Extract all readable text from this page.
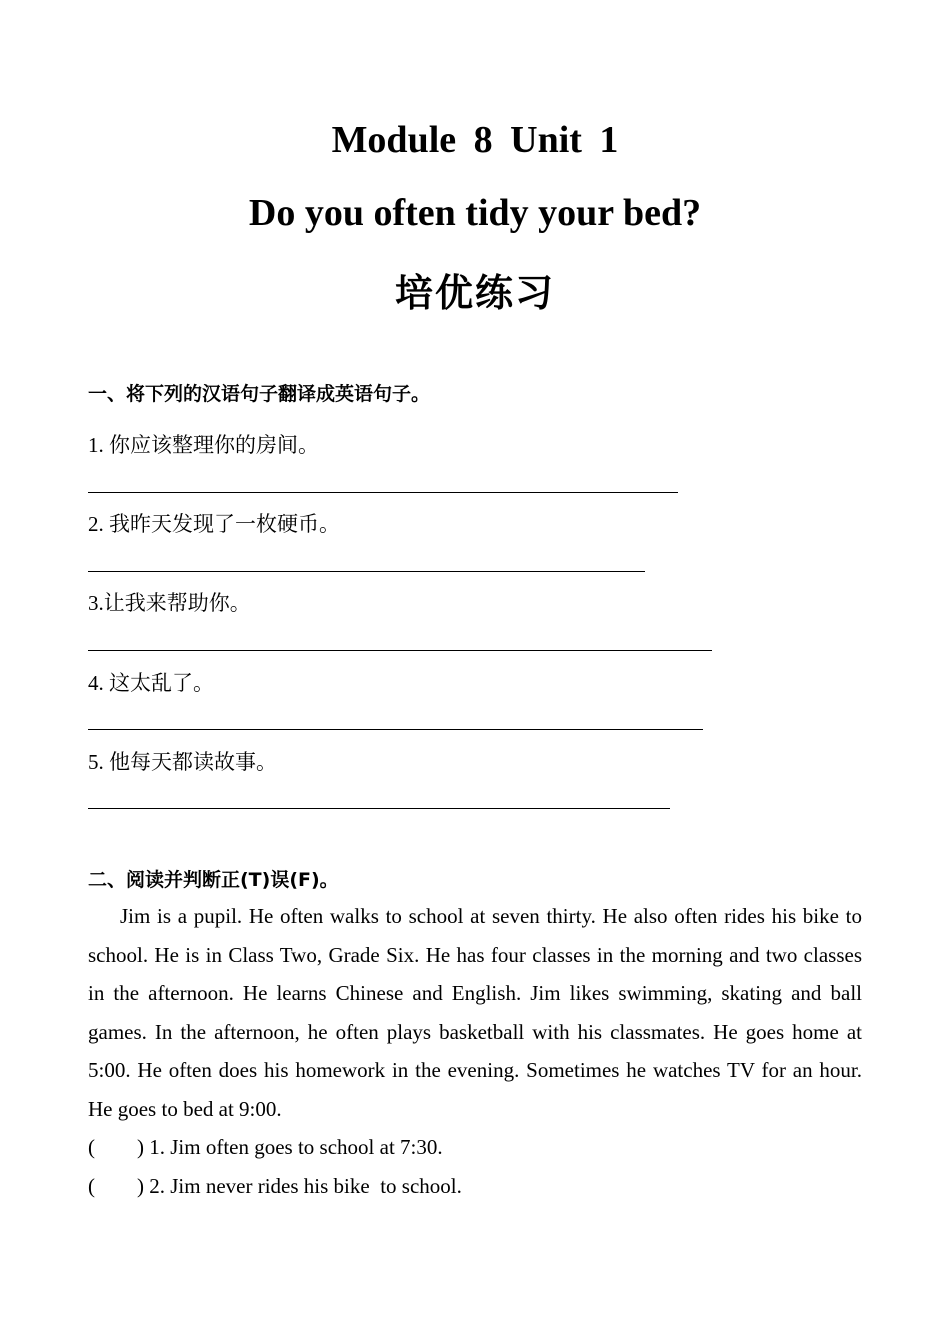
Module 8 Unit 1
Do you often tidy your bed?
培优练习
一、将下列的汉语句子翻译成英语句子。
1. 你应该整理你的房间。
2. 我昨天发现了一枚硬币。
3.让我来帮助你。
4. 这太乱了。
5. 他每天都读故事。
二、阅读并判断正(T)误(F)。

Jim is a pupil. He often walks to school at seven thirty. He also often rides his bike to school. He is in Class Two, Grade Six. He has four classes in the morning and two classes in the afternoon. He learns Chinese and English. Jim likes swimming, skating and ball games. In the afternoon, he often plays basketball with his classmates. He goes home at 5:00. He often does his homework in the evening. Sometimes he watches TV for an hour. He goes to bed at 9:00.

(        ) 1. Jim often goes to school at 7:30.
(        ) 2. Jim never rides his bike  to school.
